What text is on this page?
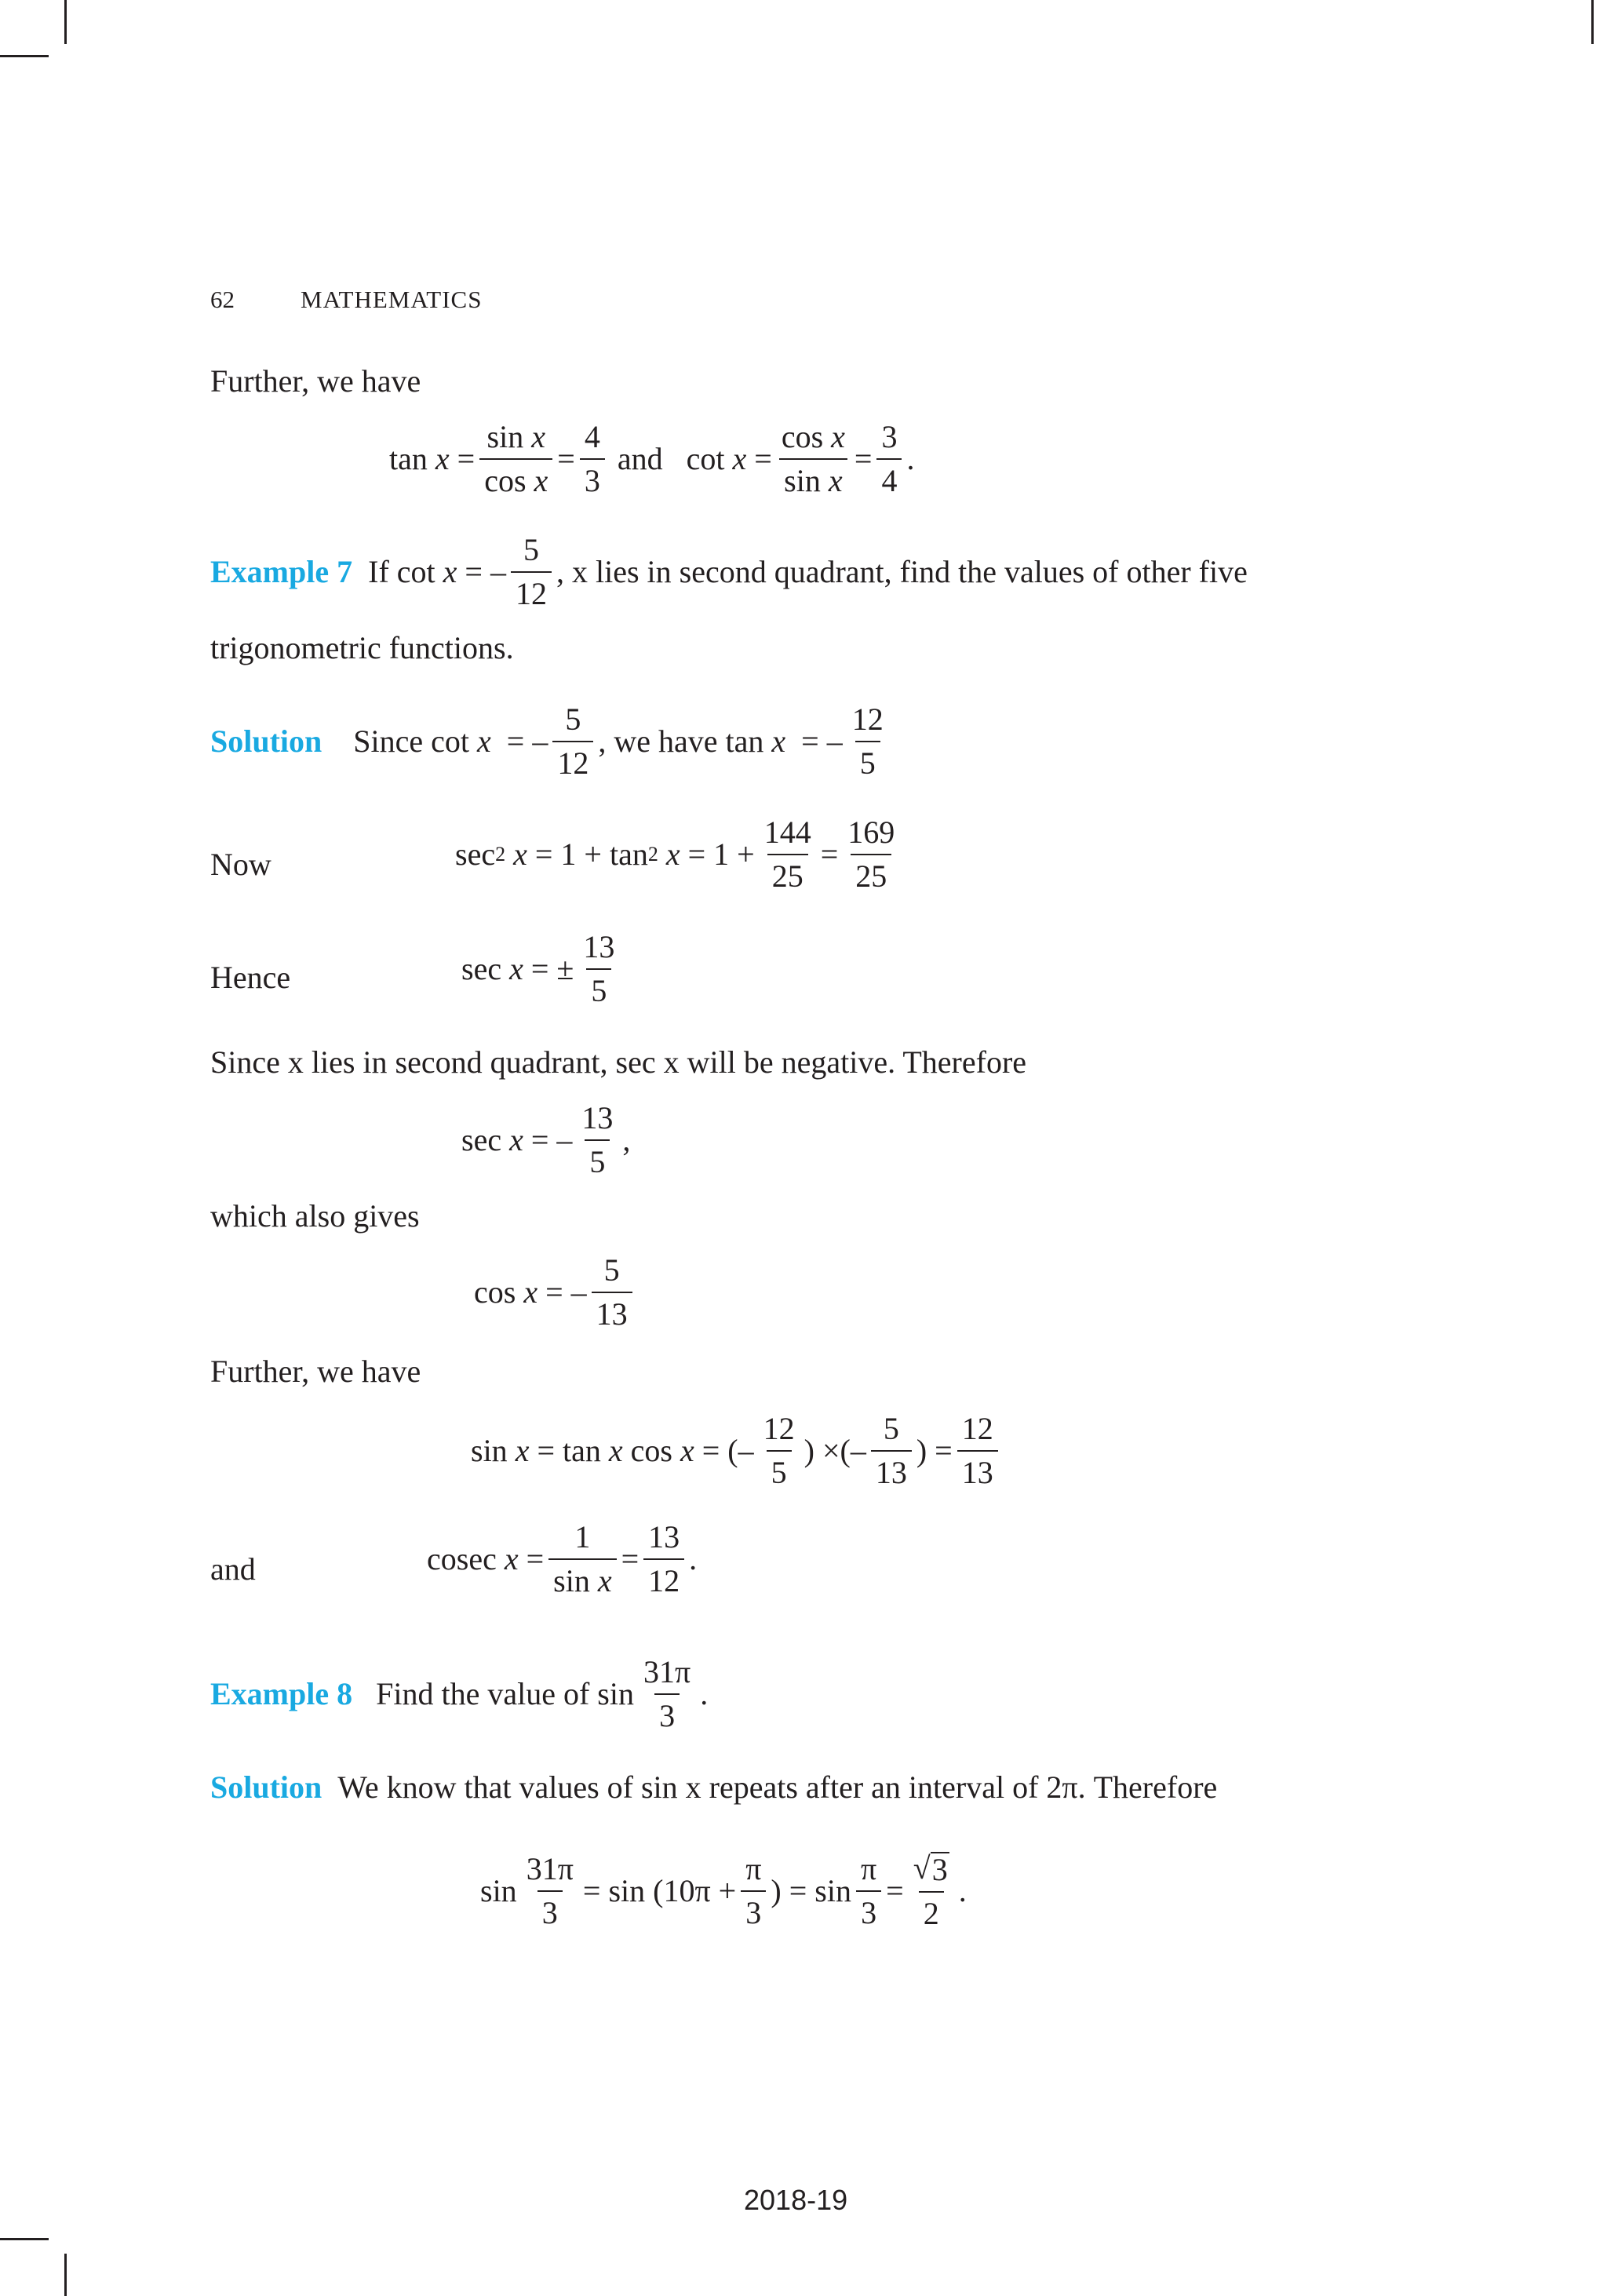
62	MATHEMATICS
Further, we have
tan
x
= $\frac{\text{sin x}}{\text{cos x}} = \frac{4}{3}$
and
cot
x
= $\frac{\text{cos x}}{\text{sin x}} = \frac{3}{4}$ .
Example 7
If cot
x
= – $\frac{5}{12}$ , x lies in second quadrant, find the values of other five
trigonometric functions.
Solution
Since cot
x
= – $\frac{5}{12}$ , we have tan
x
= – $\frac{12}{5}$
Now	sec 2
x
= 1 + tan 2
x
= $1 + \frac{144}{25} = \frac{169}{25}$
Hence	sec
x
= ± $\frac{13}{5}$
Since x lies in second quadrant, sec x will be negative. Therefore
sec
x
= – $\frac{13}{5}$ ,
which also gives
cos
x
= – $\frac{5}{13}$
Further, we have
sin
x
= tan
x
cos
x
= (– $\frac{12}{5}$ ) ×(– $\frac{5}{13}$ ) = $\frac{12}{13}$
and	cosec
x
= $\frac{1}{\text{sin x}} = \frac{13}{12}$ .
Example 8
Find the value of $\sin \frac{31\pi}{3}$ .
Solution
We know that values of sin x repeats after an interval of 2π. Therefore
$\sin \frac{31\pi}{3} = \sin (10\pi + \frac{\pi}{3}$ ) = $\sin \frac{\pi}{3} = \frac{√ 3}{2}$ .
2018-19
